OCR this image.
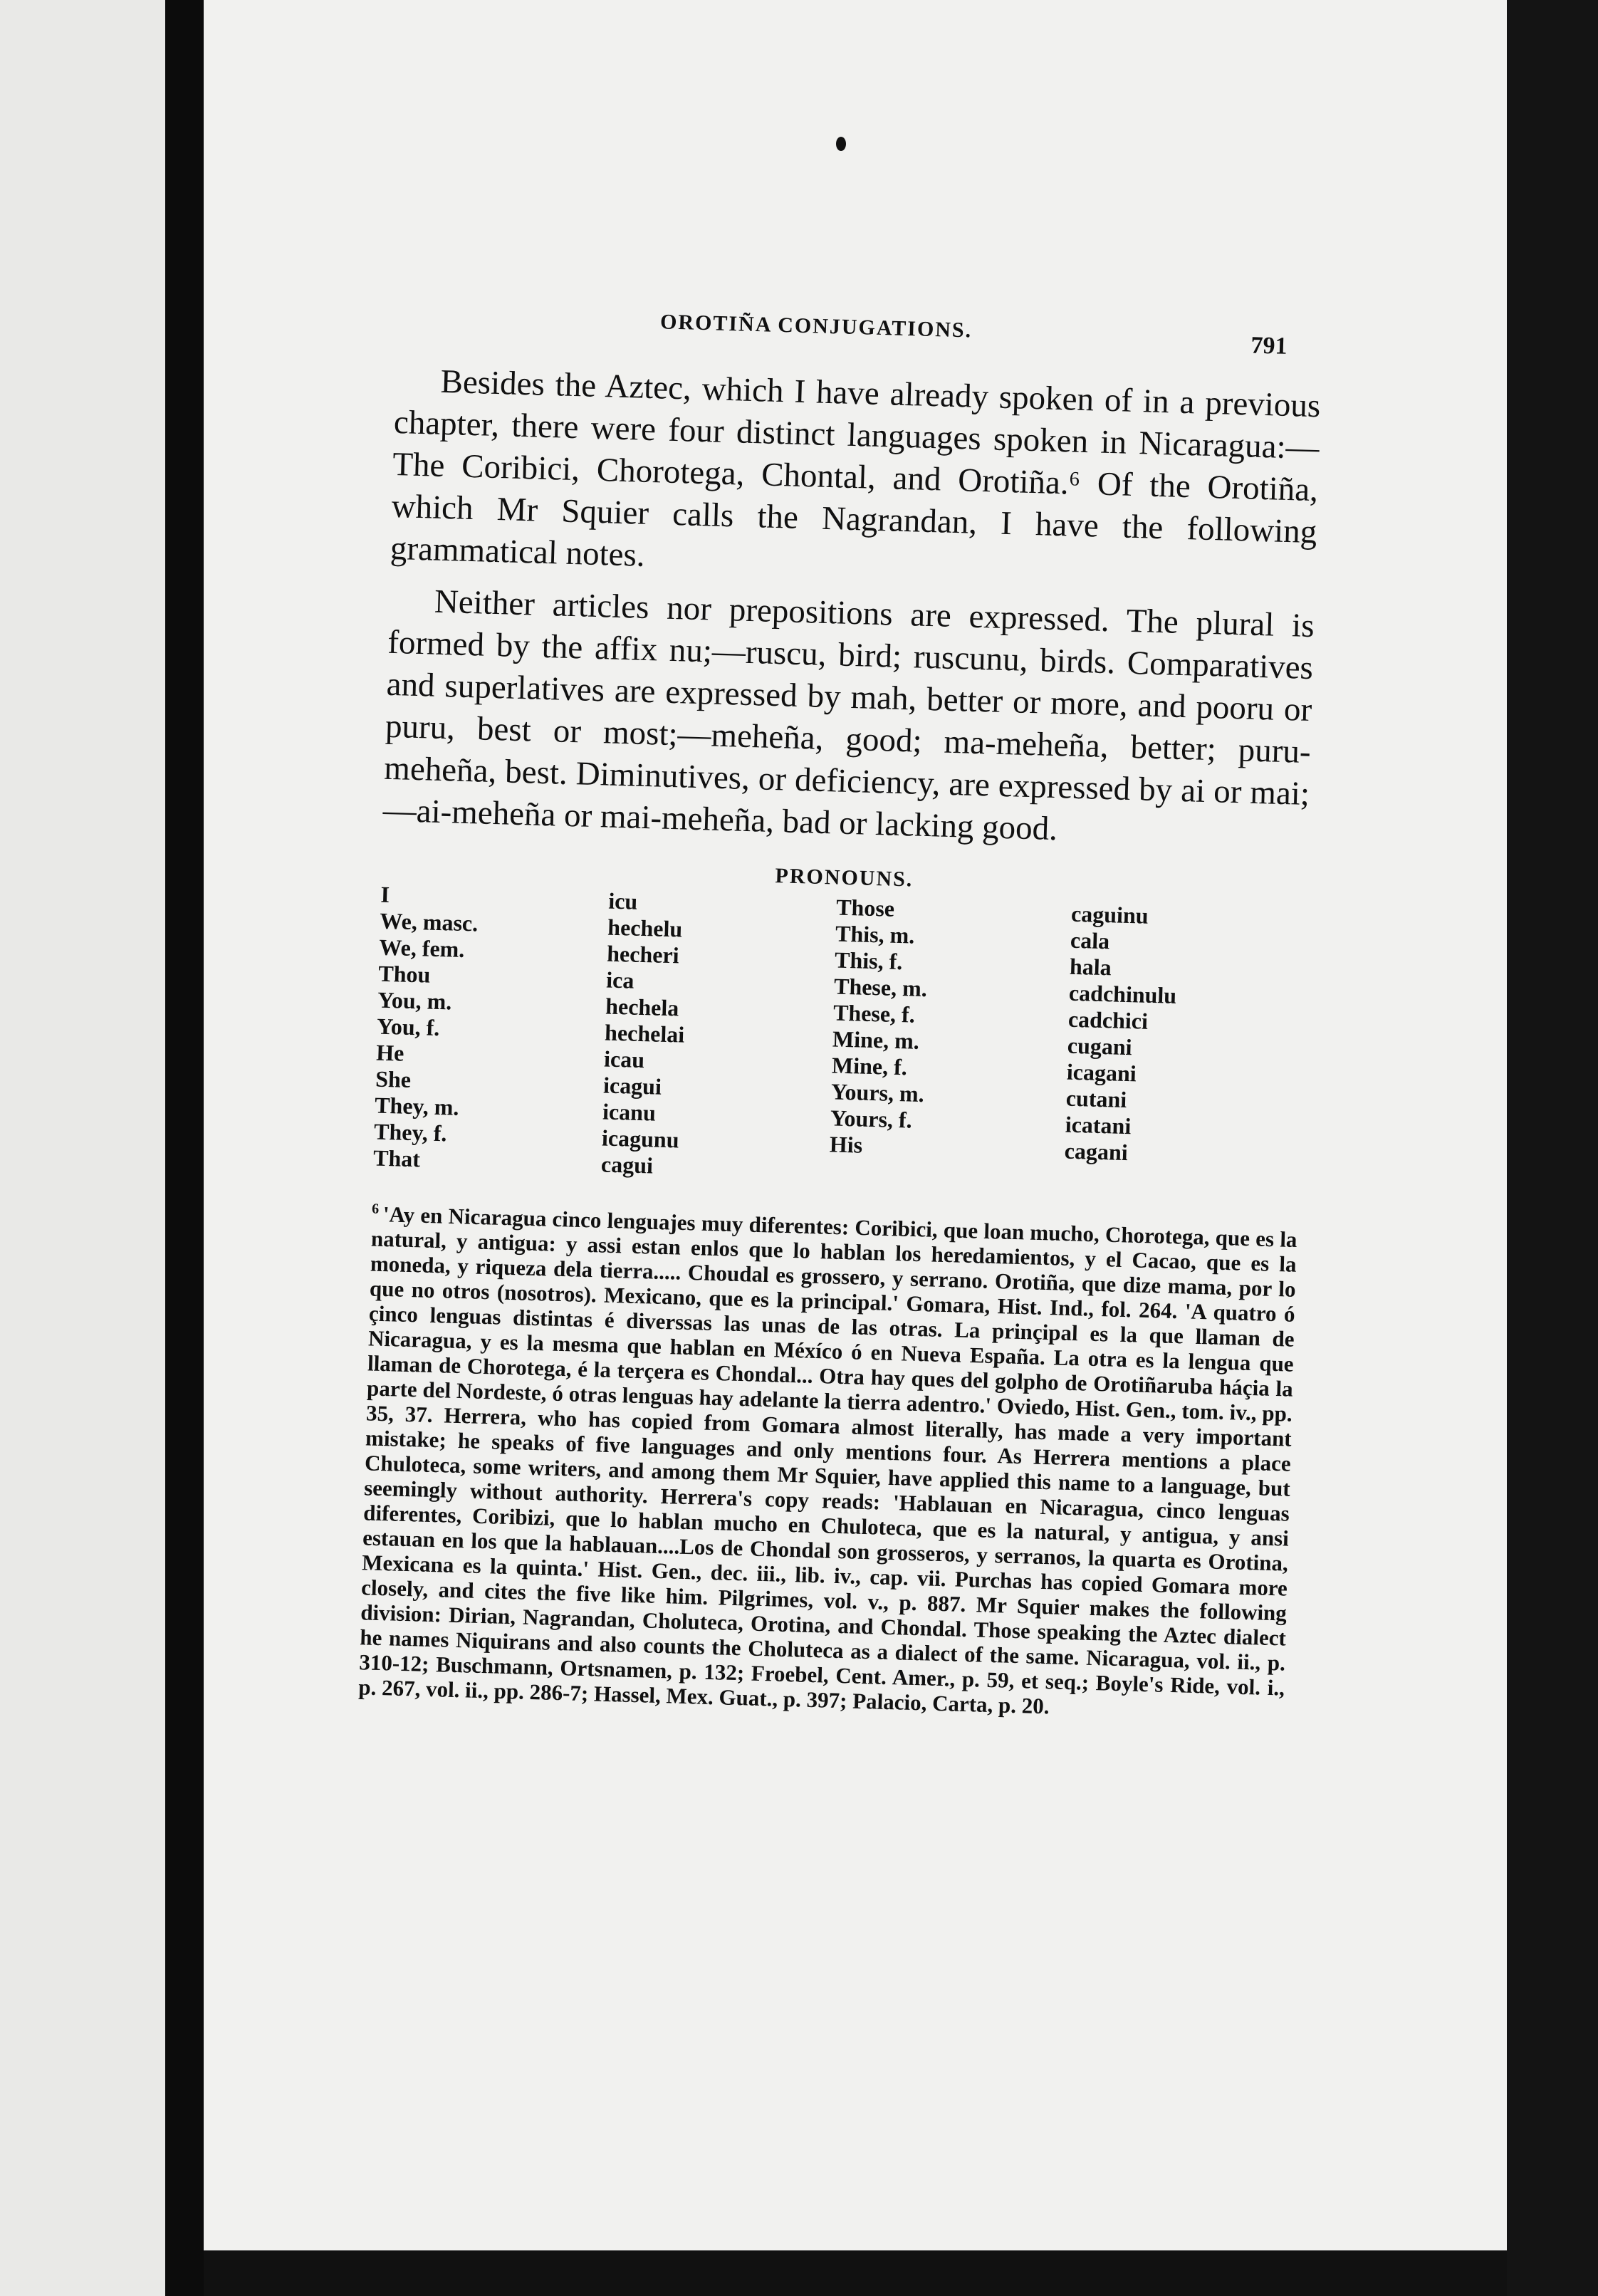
OROTIÑA CONJUGATIONS.
791

Besides the Aztec, which I have already spoken of in a previous chapter, there were four distinct languages spoken in Nicaragua:—The Coribici, Chorotega, Chontal, and Orotiña.⁶ Of the Orotiña, which Mr Squier calls the Nagrandan, I have the following grammatical notes.

Neither articles nor prepositions are expressed. The plural is formed by the affix nu;—ruscu, bird; ruscunu, birds. Comparatives and superlatives are expressed by mah, better or more, and pooru or puru, best or most;—meheña, good; ma-meheña, better; puru-meheña, best. Diminutives, or deficiency, are expressed by ai or mai;—ai-meheña or mai-meheña, bad or lacking good.

PRONOUNS.
I	icu	Those	caguinu
We, masc.	hechelu	This, m.	cala
We, fem.	hecheri	This, f.	hala
Thou	ica	These, m.	cadchinulu
You, m.	hechela	These, f.	cadchici
You, f.	hechelai	Mine, m.	cugani
He	icau	Mine, f.	icagani
She	icagui	Yours, m.	cutani
They, m.	icanu	Yours, f.	icatani
They, f.	icagunu	His	cagani
That	cagui
$^6$ 'Ay en Nicaragua cinco lenguajes muy diferentes: Coribici, que loan mucho, Chorotega, que es la natural, y antigua: y assi estan enlos que lo hablan los heredamientos, y el Cacao, que es la moneda, y riqueza dela tierra..... Choudal es grossero, y serrano. Orotiña, que dize mama, por lo que no otros (nosotros). Mexicano, que es la principal.' Gomara, Hist. Ind., fol. 264. 'A quatro ó çinco lenguas distintas é diverssas las unas de las otras. La prinçipal es la que llaman de Nicaragua, y es la mesma que hablan en Méxíco ó en Nueva España. La otra es la lengua que llaman de Chorotega, é la terçera es Chondal... Otra hay ques del golpho de Orotiñaruba háçia la parte del Nordeste, ó otras lenguas hay adelante la tierra adentro.' Oviedo, Hist. Gen., tom. iv., pp. 35, 37. Herrera, who has copied from Gomara almost literally, has made a very important mistake; he speaks of five languages and only mentions four. As Herrera mentions a place Chuloteca, some writers, and among them Mr Squier, have applied this name to a language, but seemingly without authority. Herrera's copy reads: 'Hablauan en Nicaragua, cinco lenguas diferentes, Coribizi, que lo hablan mucho en Chuloteca, que es la natural, y antigua, y ansi estauan en los que la hablauan....Los de Chondal son grosseros, y serranos, la quarta es Orotina, Mexicana es la quinta.' Hist. Gen., dec. iii., lib. iv., cap. vii. Purchas has copied Gomara more closely, and cites the five like him. Pilgrimes, vol. v., p. 887. Mr Squier makes the following division: Dirian, Nagrandan, Choluteca, Orotina, and Chondal. Those speaking the Aztec dialect he names Niquirans and also counts the Choluteca as a dialect of the same. Nicaragua, vol. ii., p. 310-12; Buschmann, Ortsnamen, p. 132; Froebel, Cent. Amer., p. 59, et seq.; Boyle's Ride, vol. i., p. 267, vol. ii., pp. 286-7; Hassel, Mex. Guat., p. 397; Palacio, Carta, p. 20.
